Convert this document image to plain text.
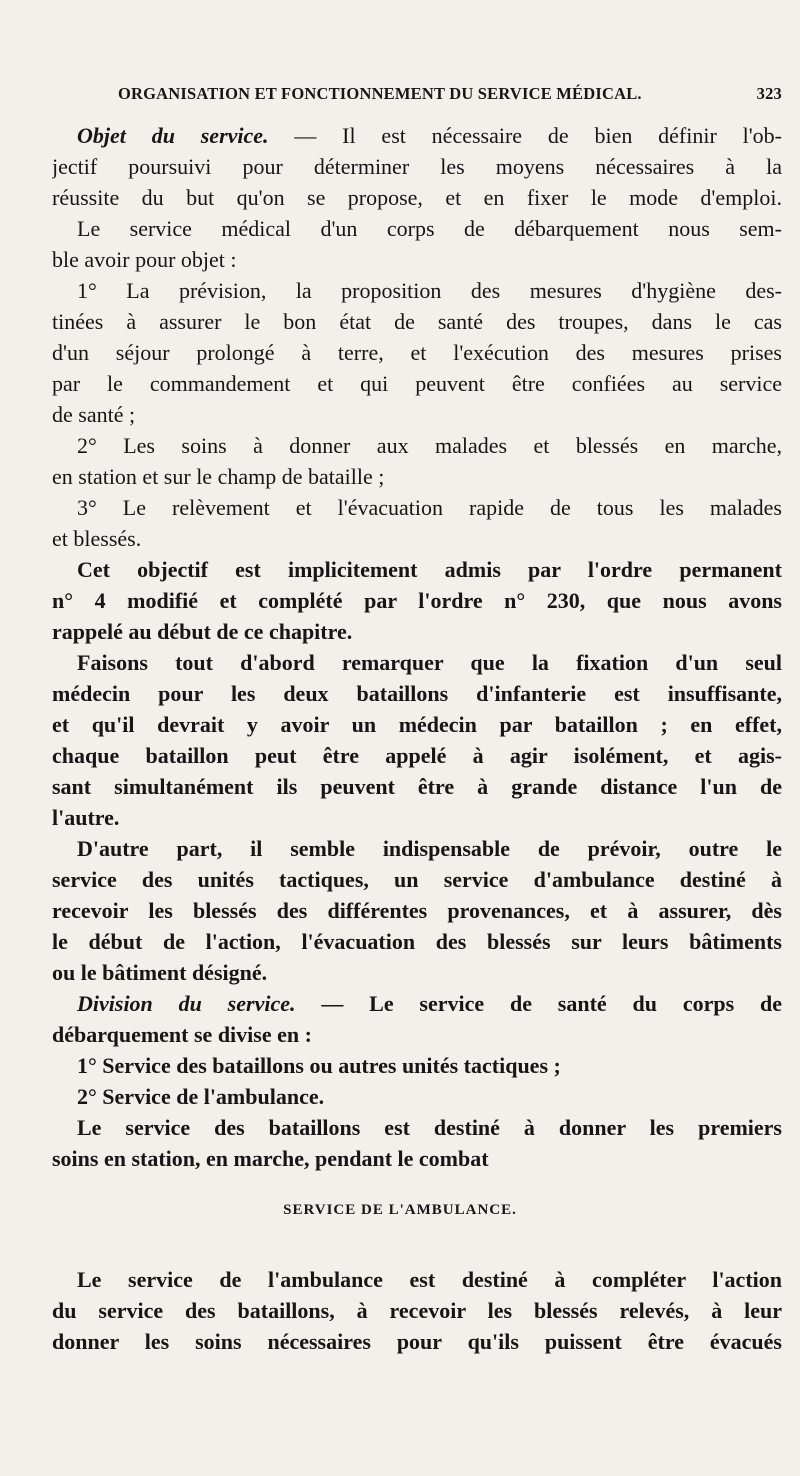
ORGANISATION ET FONCTIONNEMENT DU SERVICE MÉDICAL.	323
Objet du service. — Il est nécessaire de bien définir l'ob-
jectif poursuivi pour déterminer les moyens nécessaires à la
réussite du but qu'on se propose, et en fixer le mode d'emploi.
Le service médical d'un corps de débarquement nous sem-
ble avoir pour objet :
1° La prévision, la proposition des mesures d'hygiène des-
tinées à assurer le bon état de santé des troupes, dans le cas
d'un séjour prolongé à terre, et l'exécution des mesures prises
par le commandement et qui peuvent être confiées au service
de santé ;
2° Les soins à donner aux malades et blessés en marche,
en station et sur le champ de bataille ;
3° Le relèvement et l'évacuation rapide de tous les malades
et blessés.
Cet objectif est implicitement admis par l'ordre permanent
n° 4 modifié et complété par l'ordre n° 230, que nous avons
rappelé au début de ce chapitre.
Faisons tout d'abord remarquer que la fixation d'un seul
médecin pour les deux bataillons d'infanterie est insuffisante,
et qu'il devrait y avoir un médecin par bataillon ; en effet,
chaque bataillon peut être appelé à agir isolément, et agis-
sant simultanément ils peuvent être à grande distance l'un de
l'autre.
D'autre part, il semble indispensable de prévoir, outre le
service des unités tactiques, un service d'ambulance destiné à
recevoir les blessés des différentes provenances, et à assurer, dès
le début de l'action, l'évacuation des blessés sur leurs bâtiments
ou le bâtiment désigné.
Division du service. — Le service de santé du corps de
débarquement se divise en :
1° Service des bataillons ou autres unités tactiques ;
2° Service de l'ambulance.
Le service des bataillons est destiné à donner les premiers
soins en station, en marche, pendant le combat
SERVICE DE L'AMBULANCE.
Le service de l'ambulance est destiné à compléter l'action
du service des bataillons, à recevoir les blessés relevés, à leur
donner les soins nécessaires pour qu'ils puissent être évacués
